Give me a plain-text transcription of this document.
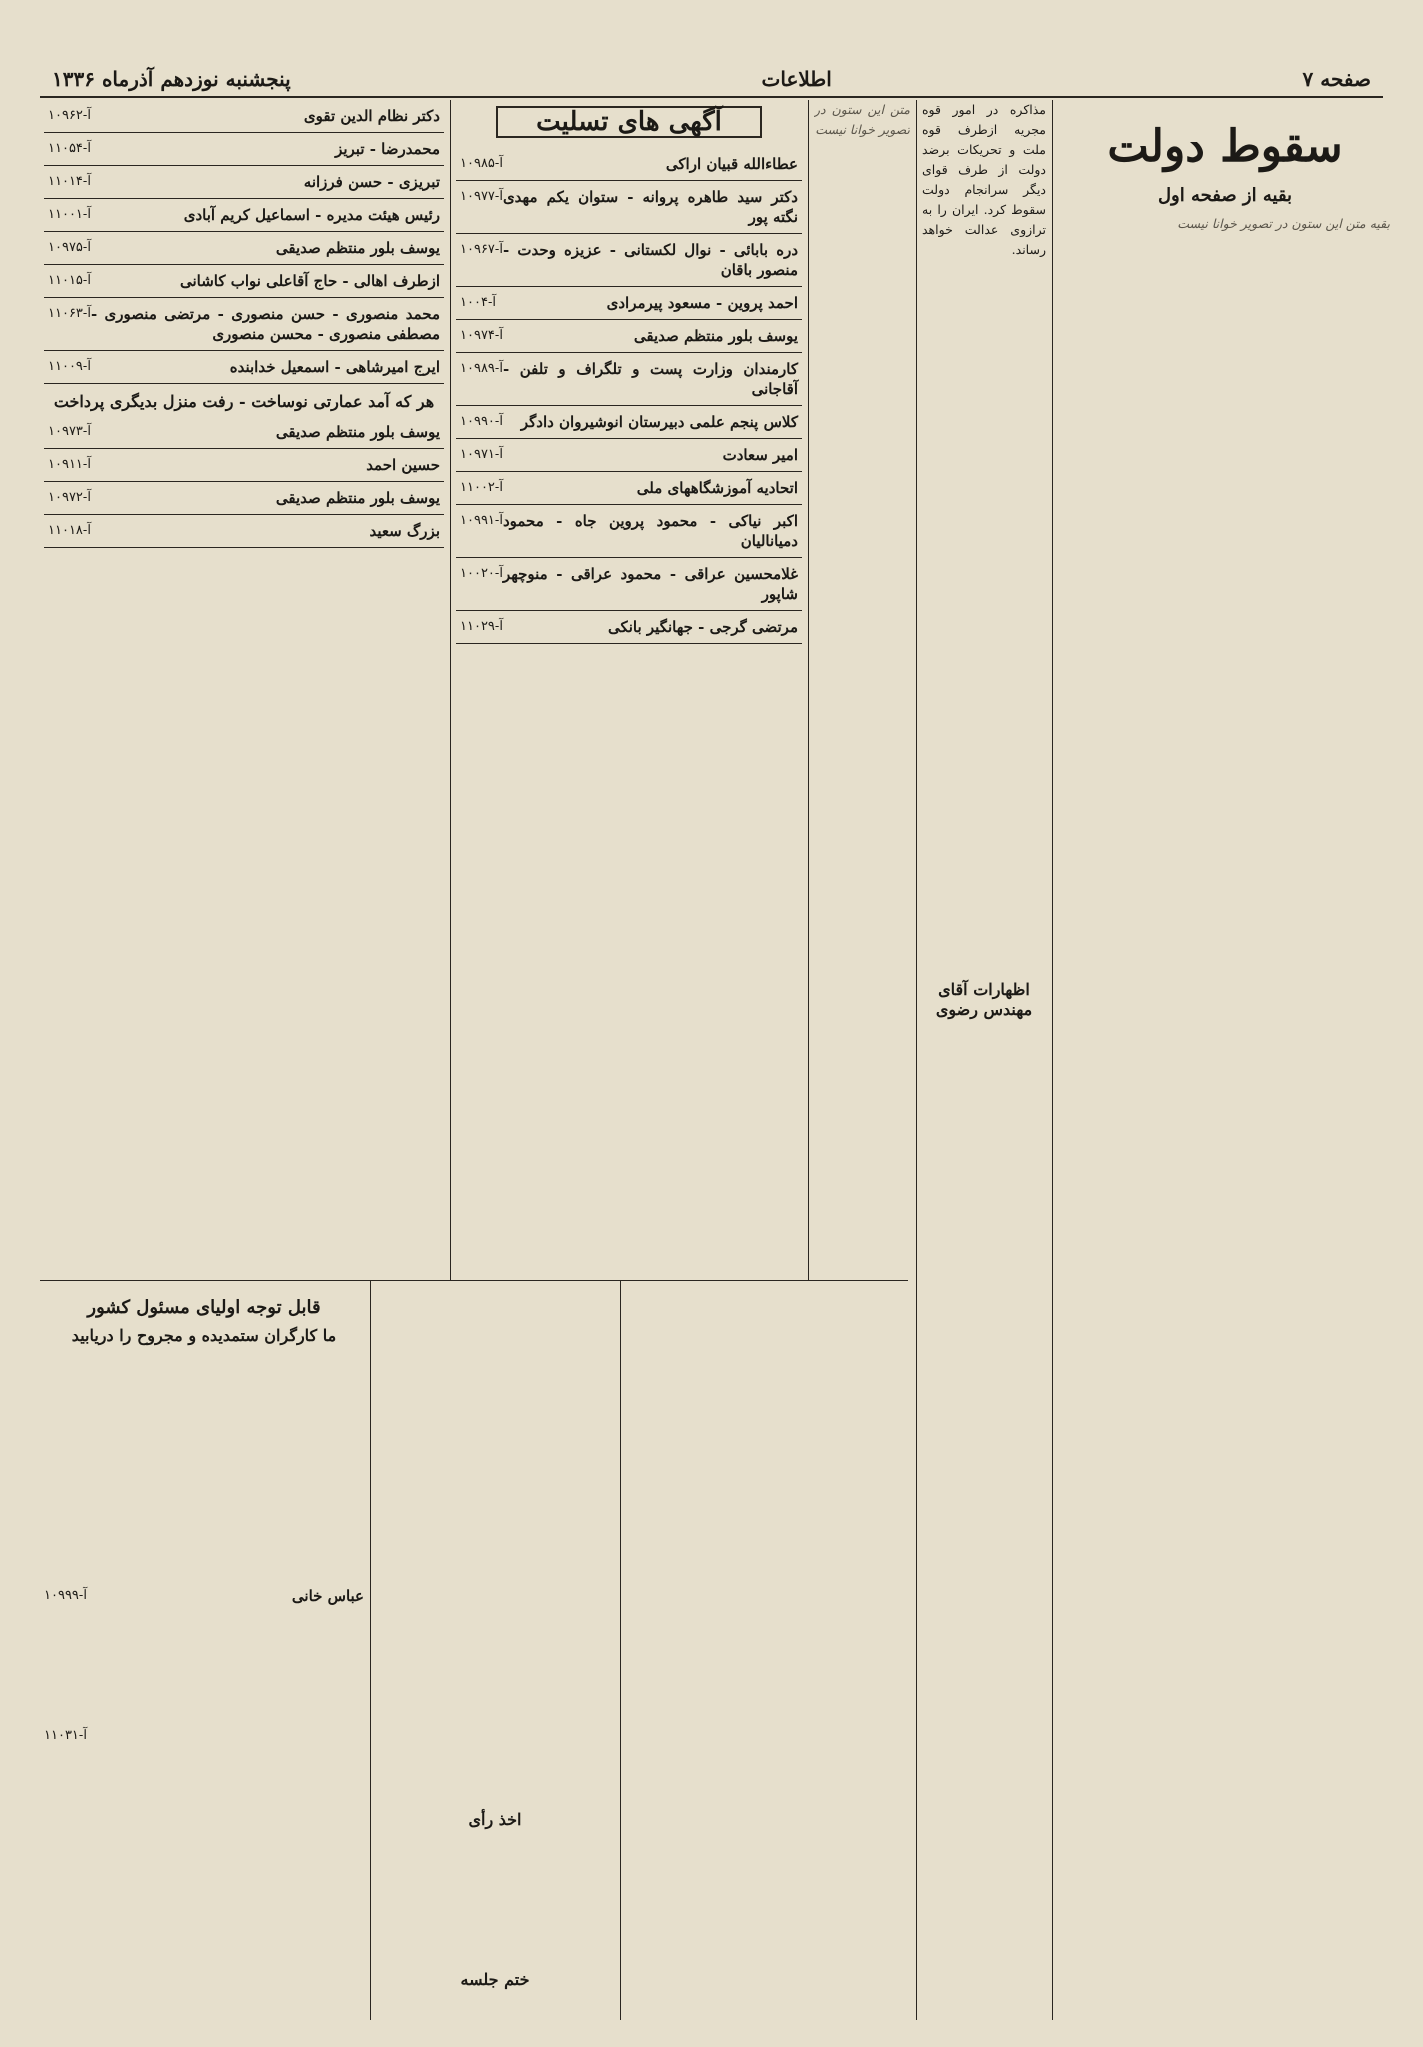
صفحه ۷
اطلاعات
پنجشنبه نوزدهم آذرماه ۱۳۳۶
سقوط دولت
بقیه از صفحه اول

بقیه متن این ستون در تصویر خوانا نیست

مذاکره در امور قوه مجریه ازطرف قوه ملت و تحریکات برضد دولت از طرف قوای دیگر سرانجام دولت سقوط کرد. ایران را به ترازوی عدالت خواهد رساند.

اظهارات آقای مهندس رضوی

متن این ستون در تصویر خوانا نیست

آگهی های تسلیت
عطاءالله قبیان اراکی
آ-۱۰۹۸۵
دکتر سید طاهره پروانه - ستوان یکم مهدی نگته پور
آ-۱۰۹۷۷
دره بابائی - نوال لکستانی - عزیزه وحدت - منصور باقان
آ-۱۰۹۶۷
احمد پروین - مسعود پیرمرادی
آ-۱۰۰۴
یوسف بلور منتظم صدیقی
آ-۱۰۹۷۴
کارمندان وزارت پست و تلگراف و تلفن - آقاجانی
آ-۱۰۹۸۹
کلاس پنجم علمی دبیرستان انوشیروان دادگر
آ-۱۰۹۹۰
امیر سعادت
آ-۱۰۹۷۱
اتحادیه آموزشگاههای ملی
آ-۱۱۰۰۲
اکبر نیاکی - محمود پروین جاه - محمود دمیانالیان
آ-۱۰۹۹۱
غلامحسین عراقی - محمود عراقی - منوچهر شاپور
آ-۱۰۰۲۰
مرتضی گرجی - جهانگیر بانکی
آ-۱۱۰۲۹
دکتر نظام الدین تقوی
آ-۱۰۹۶۲
محمدرضا - تبریز
آ-۱۱۰۵۴
تبریزی - حسن فرزانه
آ-۱۱۰۱۴
رئیس هیئت مدیره - اسماعیل کریم آبادی
آ-۱۱۰۰۱
یوسف بلور منتظم صدیقی
آ-۱۰۹۷۵
ازطرف اهالی - حاج آقاعلی نواب کاشانی
آ-۱۱۰۱۵
محمد منصوری - حسن منصوری - مرتضی منصوری - مصطفی منصوری - محسن منصوری
آ-۱۱۰۶۳
ایرج امیرشاهی - اسمعیل خدابنده
آ-۱۱۰۰۹
هر که آمد عمارتی نوساخت - رفت منزل بدیگری پرداخت
یوسف بلور منتظم صدیقی
آ-۱۰۹۷۳
حسین احمد
آ-۱۰۹۱۱
یوسف بلور منتظم صدیقی
آ-۱۰۹۷۲
بزرگ سعید
آ-۱۱۰۱۸
قابل توجه اولیای مسئول کشور
ما کارگران ستمدیده و مجروح را دریابید
عباس خانی
آ-۱۰۹۹۹
آ-۱۱۰۳۱
اخذ رأی
ختم جلسه
